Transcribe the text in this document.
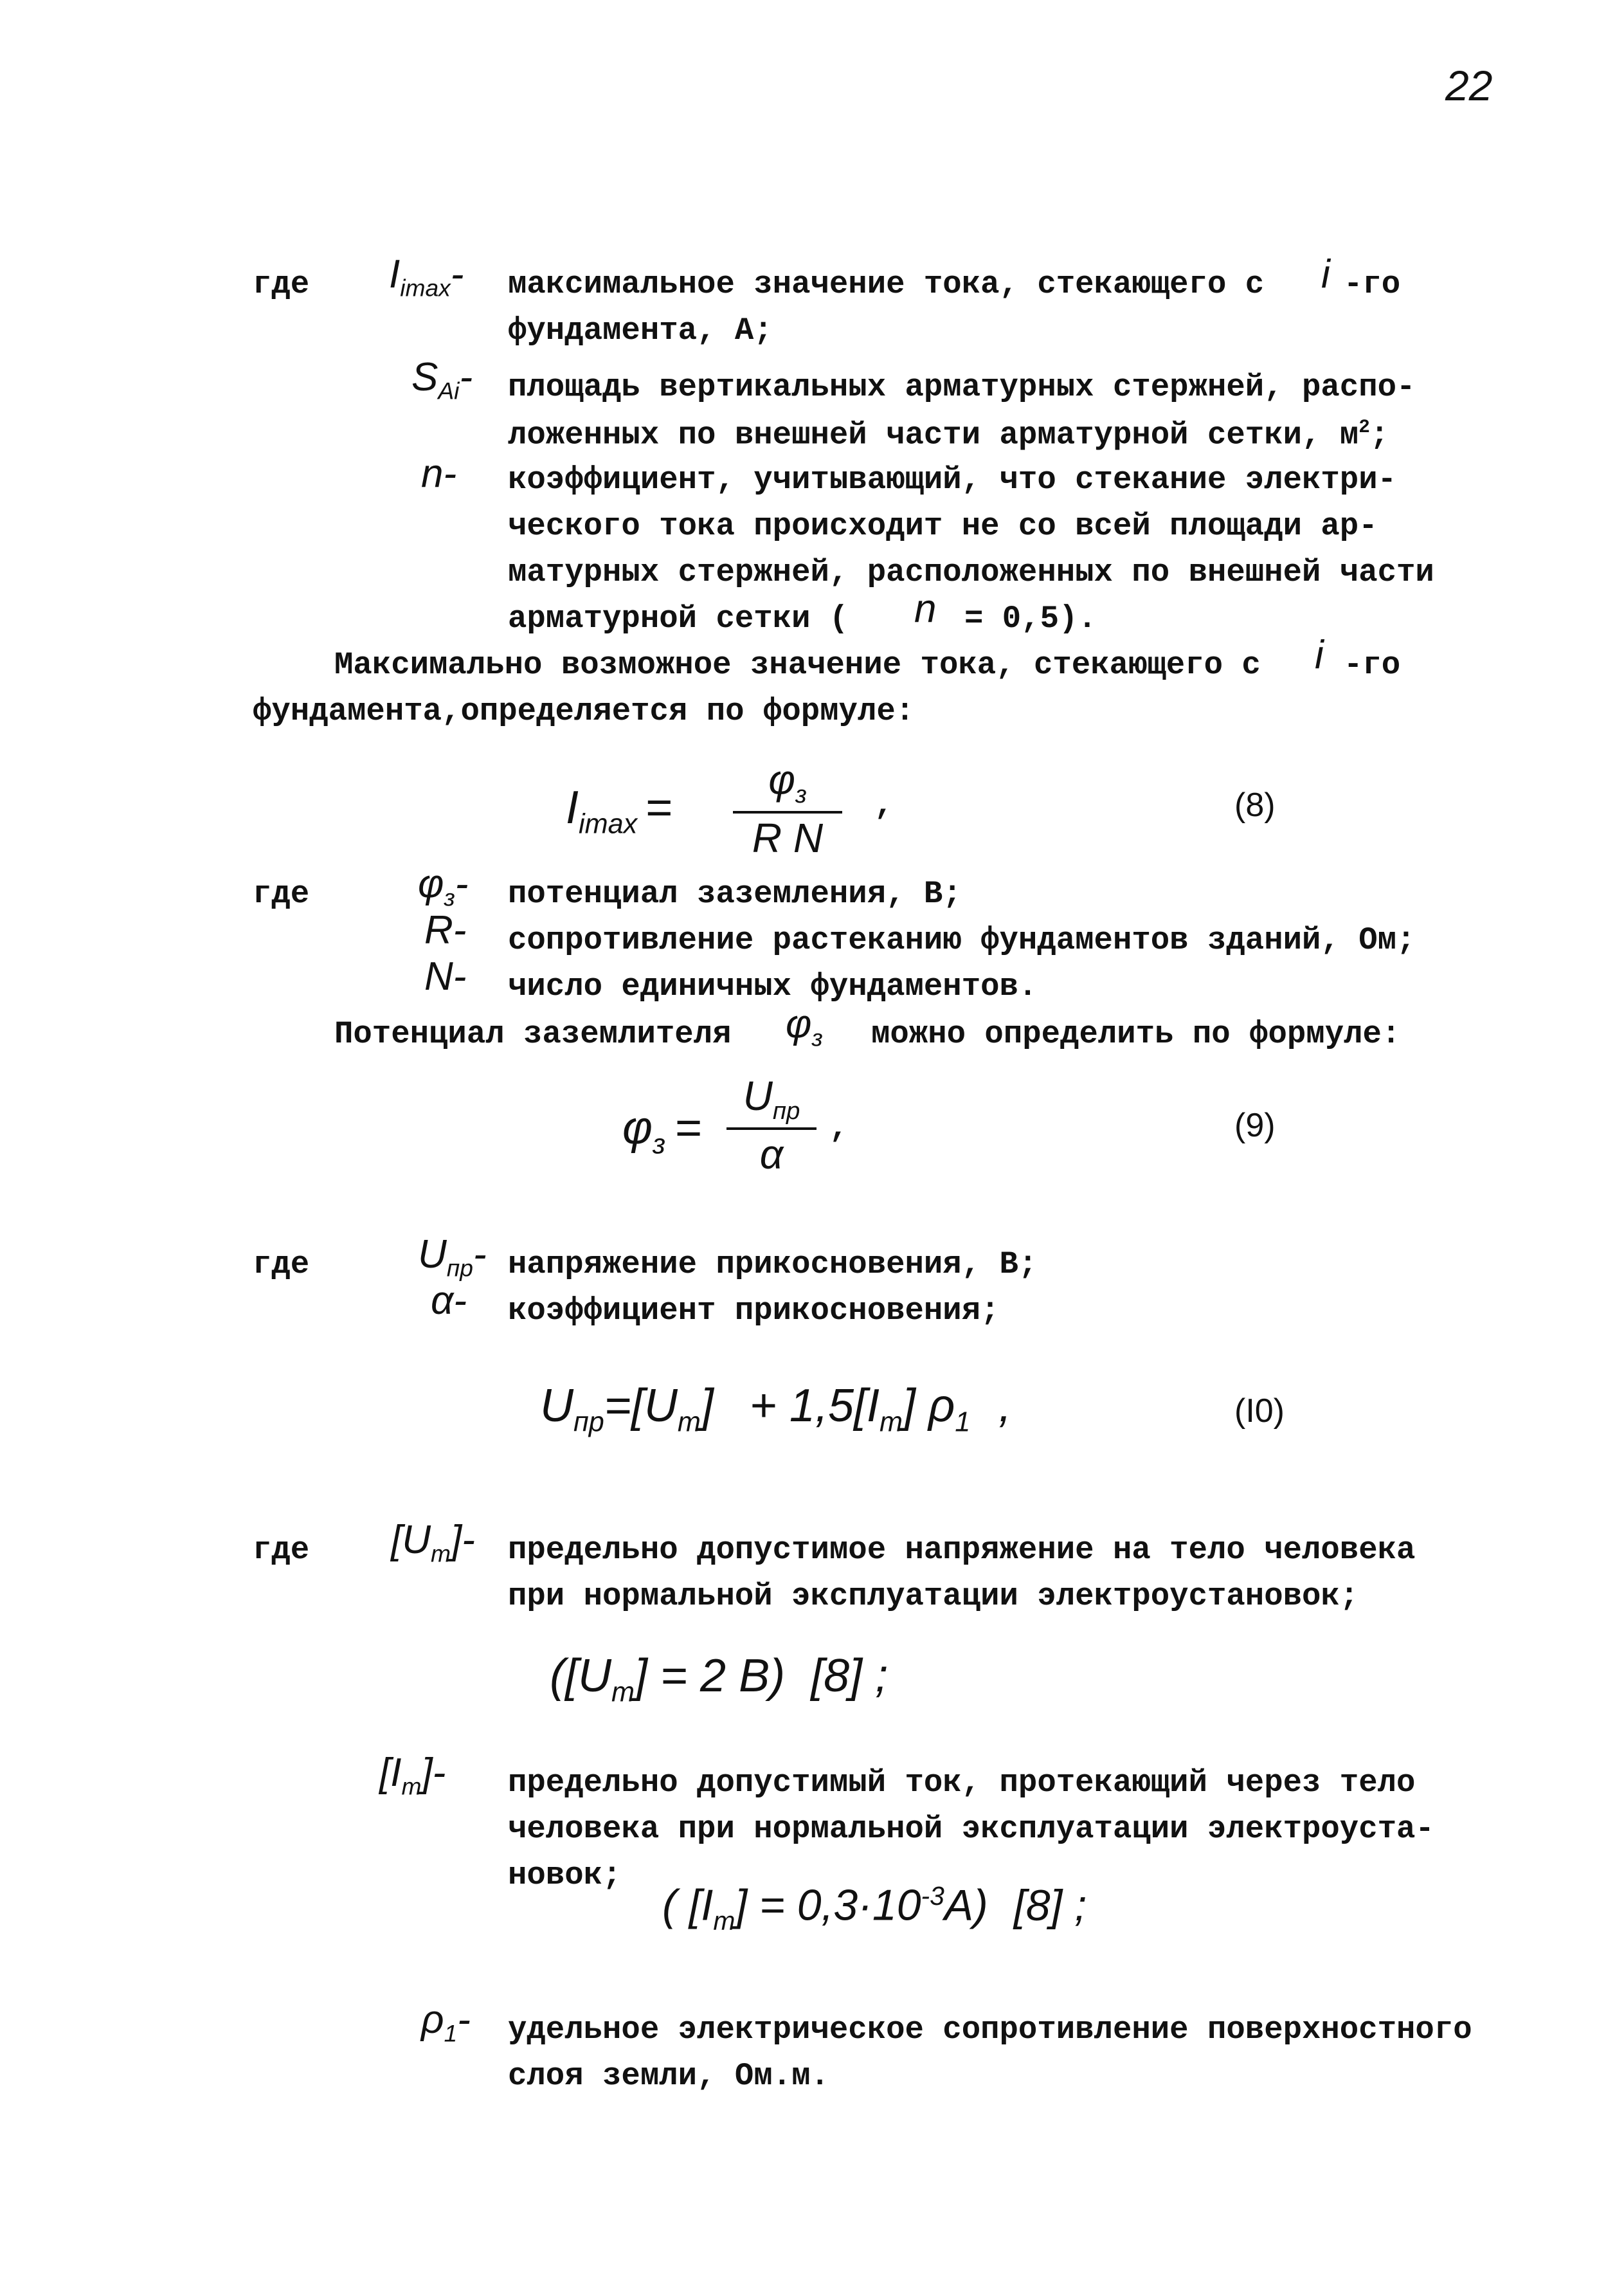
22
где $I_{imax}-$ максимальное значение тока, стекающего с i -го
фундамента, А;
$S_{Ai}-$ площадь вертикальных арматурных стержней, распо-
ложенных по внешней части арматурной сетки, $м^2$;
n- коэффициент, учитывающий, что стекание электри-
ческого тока происходит не со всей площади ар-
матурных стержней, расположенных по внешней части
арматурной сетки ( n = 0,5).
Максимально возможное значение тока, стекающего с i -го
фундамента,определяется по формуле:
$I_{imax}$ =
$\varphi_з$
R N
,	(8)
где	$\varphi_з-$ потенциал заземления, В;
R- сопротивление растеканию фундаментов зданий, Ом;
N- число единичных фундаментов.
Потенциал заземлителя $\varphi_з$ можно определить по формуле:
$\varphi_з$ =
$U_{пр}$
α
,	(9)
где	$U_{пр}-$ напряжение прикосновения, В;
α- коэффициент прикосновения;
$U_{пр}=[U_т] + 1,5[I_т]$ $\rho_1$ ,	(I0)
где $[U_т]-$ предельно допустимое напряжение на тело человека
при нормальной эксплуатации электроустановок;
($[U_т] = 2$ В) [8] ;
$[I_т]-$ предельно допустимый ток, протекающий через тело
человека при нормальной эксплуатации электроуста-
новок;
( $[I_т] = 0,3\cdot 10^{-3}А$) [8] ;
$\rho_1-$ удельное электрическое сопротивление поверхностного
слоя земли, Ом.м.
